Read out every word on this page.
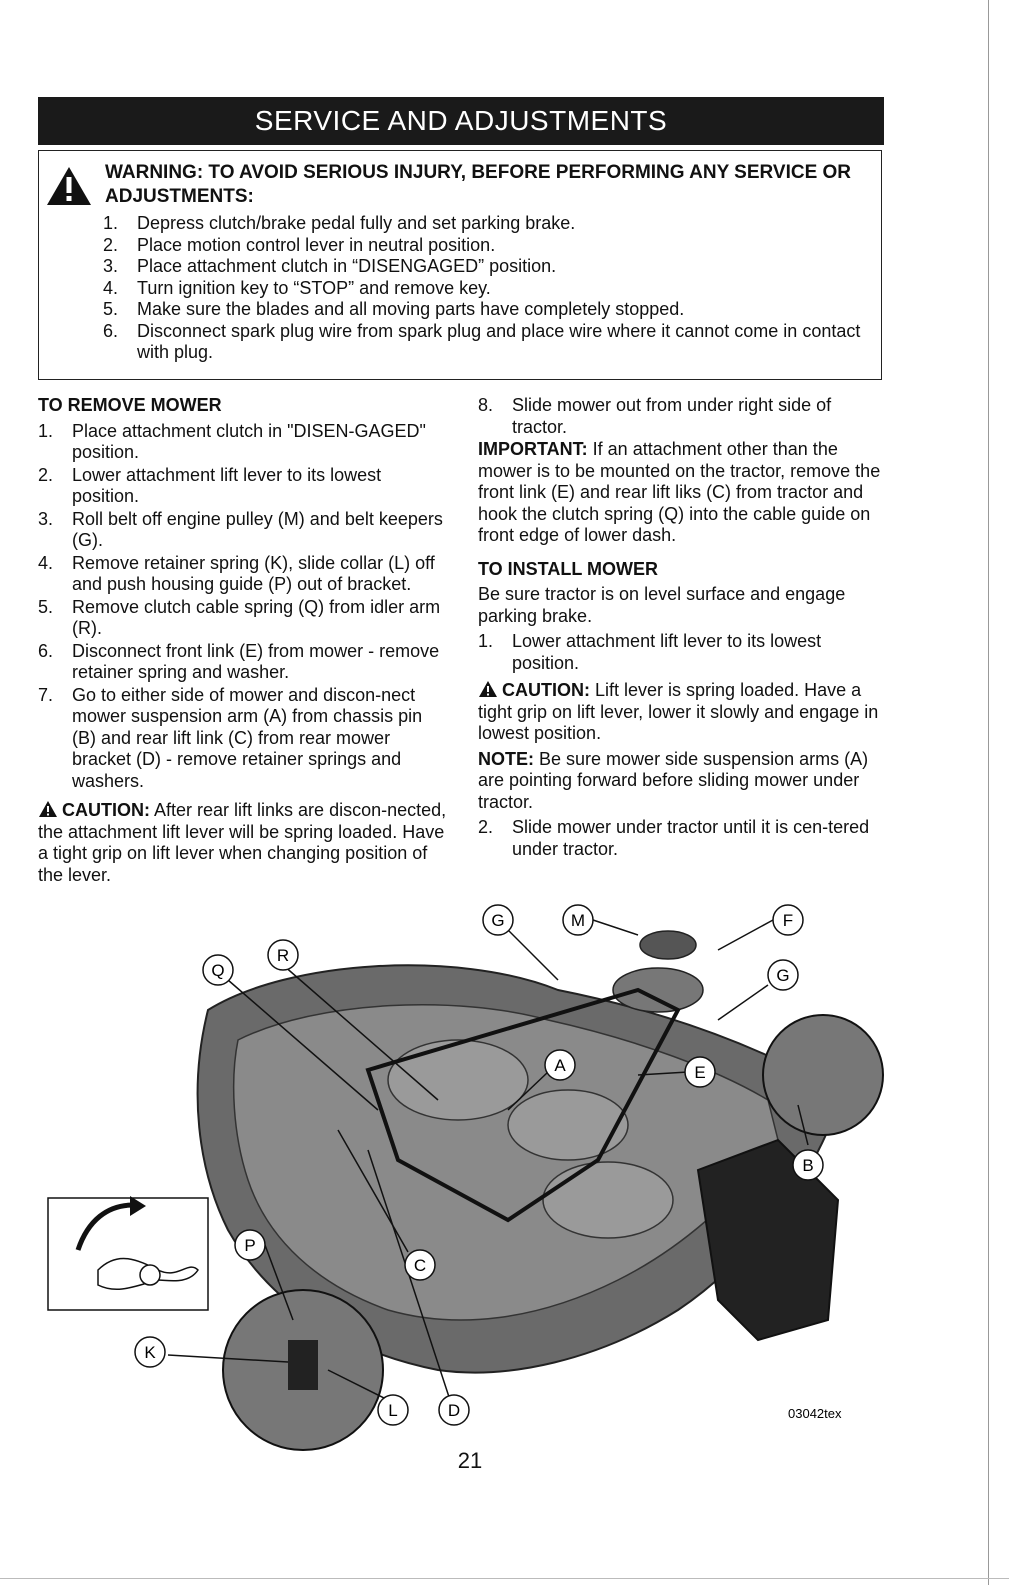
SERVICE AND ADJUSTMENTS
WARNING: TO AVOID SERIOUS INJURY, BEFORE PERFORMING ANY SERVICE OR ADJUSTMENTS:
1.	Depress clutch/brake pedal fully and set parking brake.
2.	Place motion control lever in neutral position.
3.	Place attachment clutch in “DISENGAGED” position.
4.	Turn ignition key to “STOP” and remove key.
5.	Make sure the blades and all moving parts have completely stopped.
6.	Disconnect spark plug wire from spark plug and place wire where it cannot come in contact with plug.
TO REMOVE MOWER
1.	Place attachment clutch in "DISEN-GAGED" position.
2.	Lower attachment lift lever to its lowest position.
3.	Roll belt off engine pulley (M) and belt keepers (G).
4.	Remove retainer spring (K), slide collar (L) off and push housing guide (P) out of bracket.
5.	Remove clutch cable spring (Q) from idler arm (R).
6.	Disconnect front link (E) from mower - remove retainer spring and washer.
7.	Go to either side of mower and discon-nect mower suspension arm (A) from chassis pin (B) and rear lift link (C) from rear mower bracket (D) - remove retainer springs and washers.

CAUTION: After rear lift links are discon-nected, the attachment lift lever will be spring loaded. Have a tight grip on lift lever when changing position of the lever.

8.	Slide mower out from under right side of tractor.

IMPORTANT: If an attachment other than the mower is to be mounted on the tractor, remove the front link (E) and rear lift liks (C) from tractor and hook the clutch spring (Q) into the cable guide on front edge of lower dash.

TO INSTALL MOWER

Be sure tractor is on level surface and engage parking brake.

1.	Lower attachment lift lever to its lowest position.

CAUTION: Lift lever is spring loaded. Have a tight grip on lift lever, lower it slowly and engage in lowest position.

NOTE: Be sure mower side suspension arms (A) are pointing forward before sliding mower under tractor.

2.	Slide mower under tractor until it is cen-tered under tractor.
G	M	F
G
Q
R
A	E
B
P
C
K
L	D	03042tex
21
